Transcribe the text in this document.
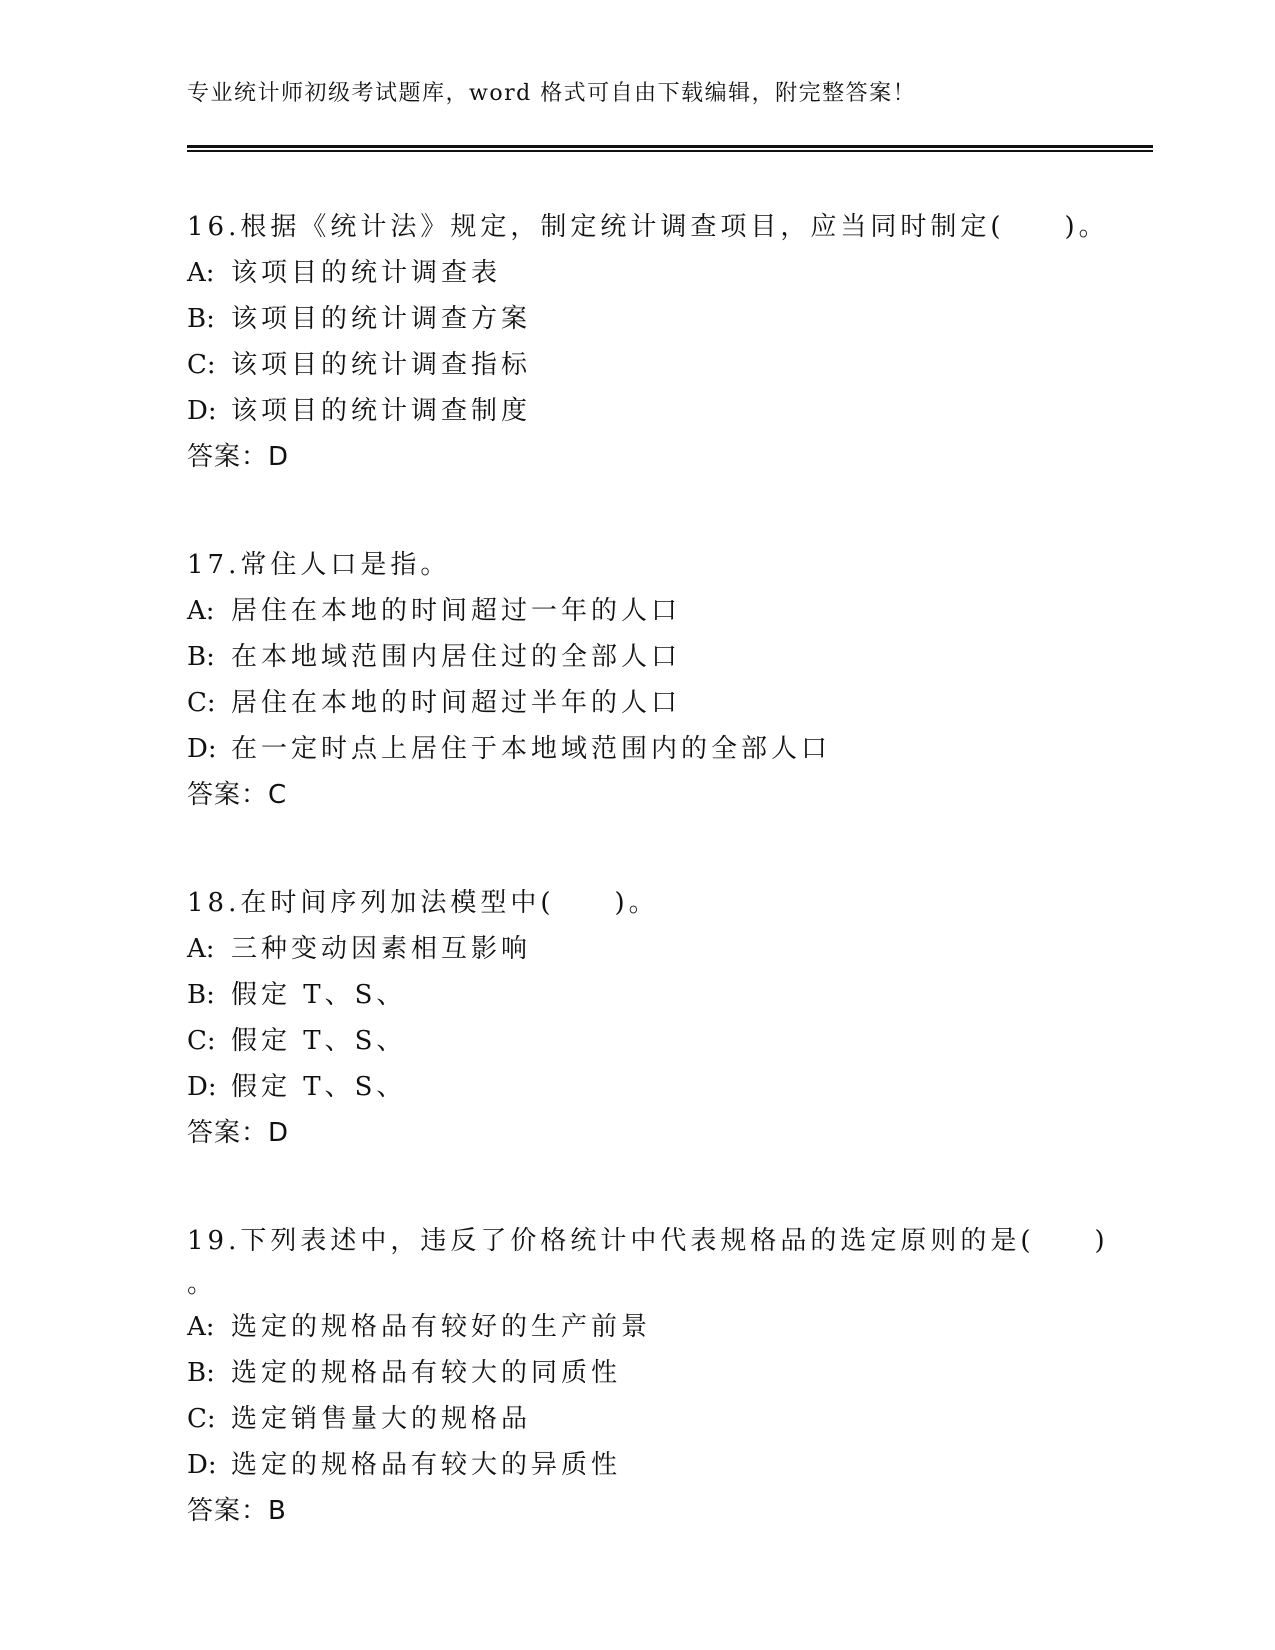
专业统计师初级考试题库，word 格式可自由下载编辑，附完整答案！
16.根据《统计法》规定，制定统计调查项目，应当同时制定(　　)。
A: 该项目的统计调查表
B: 该项目的统计调查方案
C: 该项目的统计调查指标
D: 该项目的统计调查制度
答案：D
17.常住人口是指。
A: 居住在本地的时间超过一年的人口
B: 在本地域范围内居住过的全部人口
C: 居住在本地的时间超过半年的人口
D: 在一定时点上居住于本地域范围内的全部人口
答案：C
18.在时间序列加法模型中(　　)。
A: 三种变动因素相互影响
B: 假定 T、S、
C: 假定 T、S、
D: 假定 T、S、
答案：D
19.下列表述中，违反了价格统计中代表规格品的选定原则的是(　　)
。
A: 选定的规格品有较好的生产前景
B: 选定的规格品有较大的同质性
C: 选定销售量大的规格品
D: 选定的规格品有较大的异质性
答案：B
